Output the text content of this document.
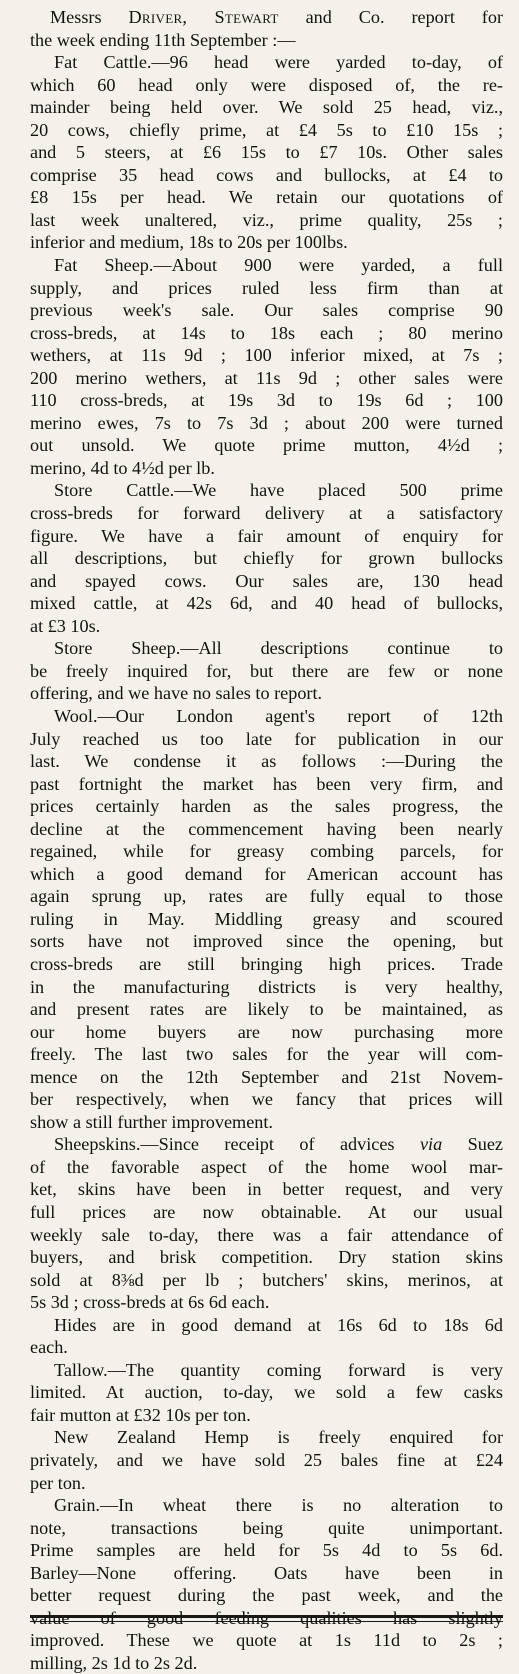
Messrs Driver, Stewart and Co. report for
the week ending 11th September :—

Fat Cattle.—96 head were yarded to-day, of
which 60 head only were disposed of, the re-
mainder being held over. We sold 25 head, viz.,
20 cows, chiefly prime, at £4 5s to £10 15s ;
and 5 steers, at £6 15s to £7 10s. Other sales
comprise 35 head cows and bullocks, at £4 to
£8 15s per head. We retain our quotations of
last week unaltered, viz., prime quality, 25s ;
inferior and medium, 18s to 20s per 100lbs.

Fat Sheep.—About 900 were yarded, a full
supply, and prices ruled less firm than at
previous week's sale. Our sales comprise 90
cross-breds, at 14s to 18s each ; 80 merino
wethers, at 11s 9d ; 100 inferior mixed, at 7s ;
200 merino wethers, at 11s 9d ; other sales were
110 cross-breds, at 19s 3d to 19s 6d ; 100
merino ewes, 7s to 7s 3d ; about 200 were turned
out unsold. We quote prime mutton, 4½d ;
merino, 4d to 4½d per lb.

Store Cattle.—We have placed 500 prime
cross-breds for forward delivery at a satisfactory
figure. We have a fair amount of enquiry for
all descriptions, but chiefly for grown bullocks
and spayed cows. Our sales are, 130 head
mixed cattle, at 42s 6d, and 40 head of bullocks,
at £3 10s.

Store Sheep.—All descriptions continue to
be freely inquired for, but there are few or none
offering, and we have no sales to report.

Wool.—Our London agent's report of 12th
July reached us too late for publication in our
last. We condense it as follows :—During the
past fortnight the market has been very firm, and
prices certainly harden as the sales progress, the
decline at the commencement having been nearly
regained, while for greasy combing parcels, for
which a good demand for American account has
again sprung up, rates are fully equal to those
ruling in May. Middling greasy and scoured
sorts have not improved since the opening, but
cross-breds are still bringing high prices. Trade
in the manufacturing districts is very healthy,
and present rates are likely to be maintained, as
our home buyers are now purchasing more
freely. The last two sales for the year will com-
mence on the 12th September and 21st Novem-
ber respectively, when we fancy that prices will
show a still further improvement.

Sheepskins.—Since receipt of advices via Suez
of the favorable aspect of the home wool mar-
ket, skins have been in better request, and very
full prices are now obtainable. At our usual
weekly sale to-day, there was a fair attendance of
buyers, and brisk competition. Dry station skins
sold at 8⅜d per lb ; butchers' skins, merinos, at
5s 3d ; cross-breds at 6s 6d each.

Hides are in good demand at 16s 6d to 18s 6d
each.

Tallow.—The quantity coming forward is very
limited. At auction, to-day, we sold a few casks
fair mutton at £32 10s per ton.

New Zealand Hemp is freely enquired for
privately, and we have sold 25 bales fine at £24
per ton.

Grain.—In wheat there is no alteration to
note, transactions being quite unimportant.
Prime samples are held for 5s 4d to 5s 6d.
Barley—None offering. Oats have been in
better request during the past week, and the
improved. These we quote at 1s 11d to 2s ;
milling, 2s 1d to 2s 2d.
